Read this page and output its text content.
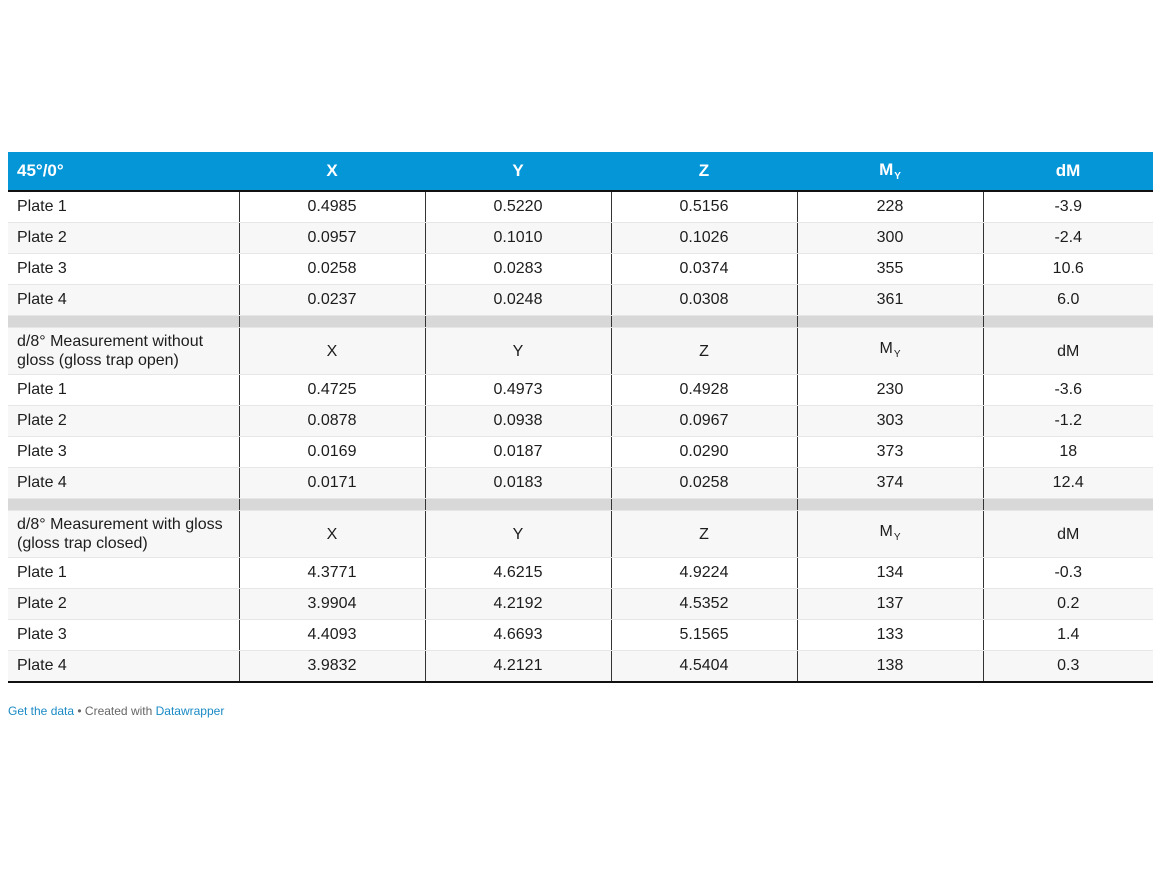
45°/0°	X	Y	Z	$M_Y$	dM
Plate 1	0.4985	0.5220	0.5156	228	-3.9
Plate 2	0.0957	0.1010	0.1026	300	-2.4
Plate 3	0.0258	0.0283	0.0374	355	10.6
Plate 4	0.0237	0.0248	0.0308	361	6.0

d/8° Measurement without gloss (gloss trap open)	X	Y	Z	$M_Y$	dM
Plate 1	0.4725	0.4973	0.4928	230	-3.6
Plate 2	0.0878	0.0938	0.0967	303	-1.2
Plate 3	0.0169	0.0187	0.0290	373	18
Plate 4	0.0171	0.0183	0.0258	374	12.4

d/8° Measurement with gloss (gloss trap closed)	X	Y	Z	$M_Y$	dM
Plate 1	4.3771	4.6215	4.9224	134	-0.3
Plate 2	3.9904	4.2192	4.5352	137	0.2
Plate 3	4.4093	4.6693	5.1565	133	1.4
Plate 4	3.9832	4.2121	4.5404	138	0.3
Get the data • Created with Datawrapper
